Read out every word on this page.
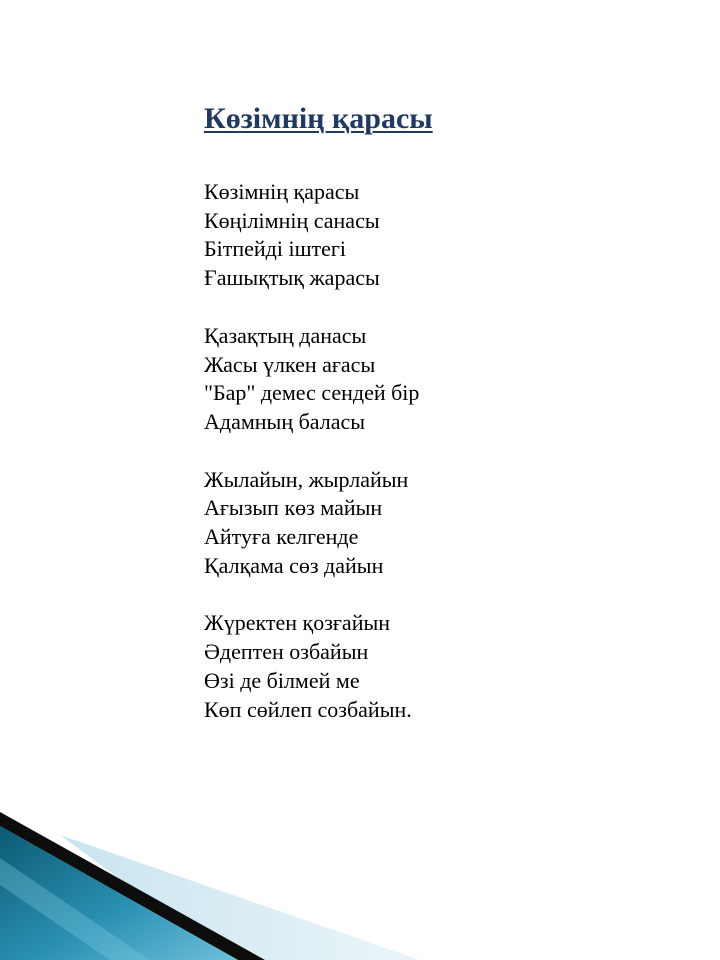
Көзімнің қарасы
Көзімнің қарасы
Көңілімнің санасы
Бітпейді іштегі
Ғашықтық жарасы
Қазақтың данасы
Жасы үлкен ағасы
"Бар" демес сендей бір
Адамның баласы
Жылайын, жырлайын
Ағызып көз майын
Айтуға келгенде
Қалқама сөз дайын
Жүректен қозғайын
Әдептен озбайын
Өзі де білмей ме
Көп сөйлеп созбайын.
